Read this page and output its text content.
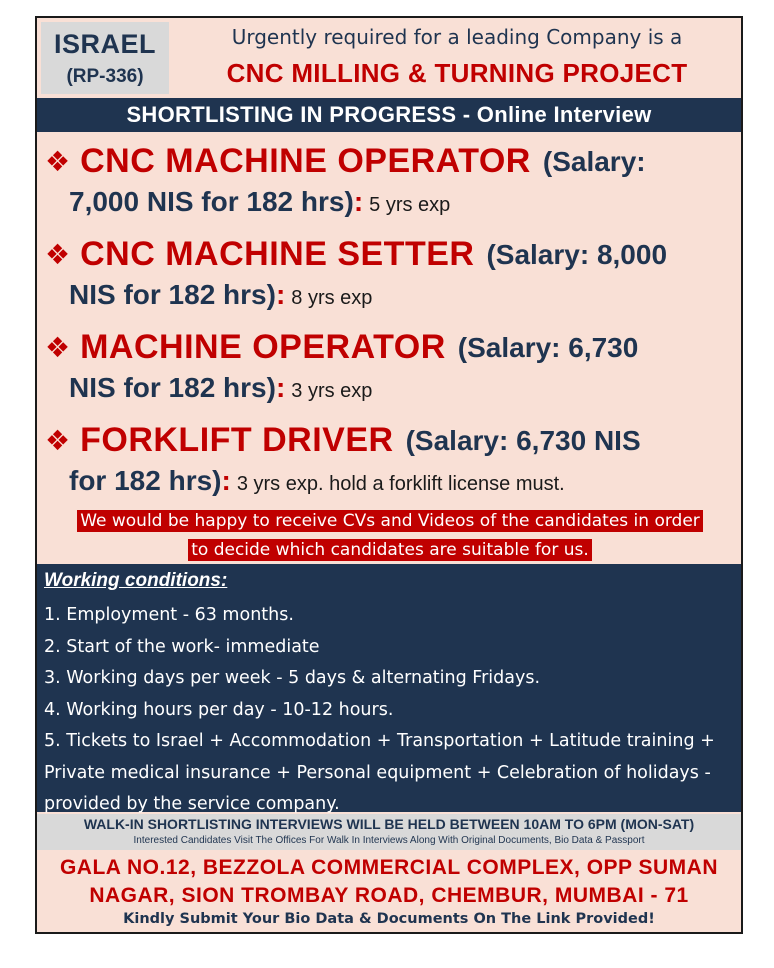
ISRAEL
(RP-336)
Urgently required for a leading Company is a
CNC MILLING & TURNING PROJECT
SHORTLISTING IN PROGRESS - Online Interview
❖ CNC MACHINE OPERATOR (Salary:
7,000 NIS for 182 hrs): 5 yrs exp
❖ CNC MACHINE SETTER (Salary: 8,000
NIS for 182 hrs): 8 yrs exp
❖ MACHINE OPERATOR (Salary: 6,730
NIS for 182 hrs): 3 yrs exp
❖ FORKLIFT DRIVER (Salary: 6,730 NIS
for 182 hrs): 3 yrs exp. hold a forklift license must.
We would be happy to receive CVs and Videos of the candidates in order
to decide which candidates are suitable for us.
Working conditions:
1. Employment - 63 months.
2. Start of the work- immediate
3. Working days per week - 5 days & alternating Fridays.
4. Working hours per day - 10-12 hours.
5. Tickets to Israel + Accommodation + Transportation + Latitude training + Private medical insurance + Personal equipment + Celebration of holidays - provided by the service company.
WALK-IN SHORTLISTING INTERVIEWS WILL BE HELD BETWEEN 10AM TO 6PM (MON-SAT)
Interested Candidates Visit The Offices For Walk In Interviews Along With Original Documents, Bio Data & Passport
GALA NO.12, BEZZOLA COMMERCIAL COMPLEX, OPP SUMAN
NAGAR, SION TROMBAY ROAD, CHEMBUR, MUMBAI - 71
Kindly Submit Your Bio Data & Documents On The Link Provided!
